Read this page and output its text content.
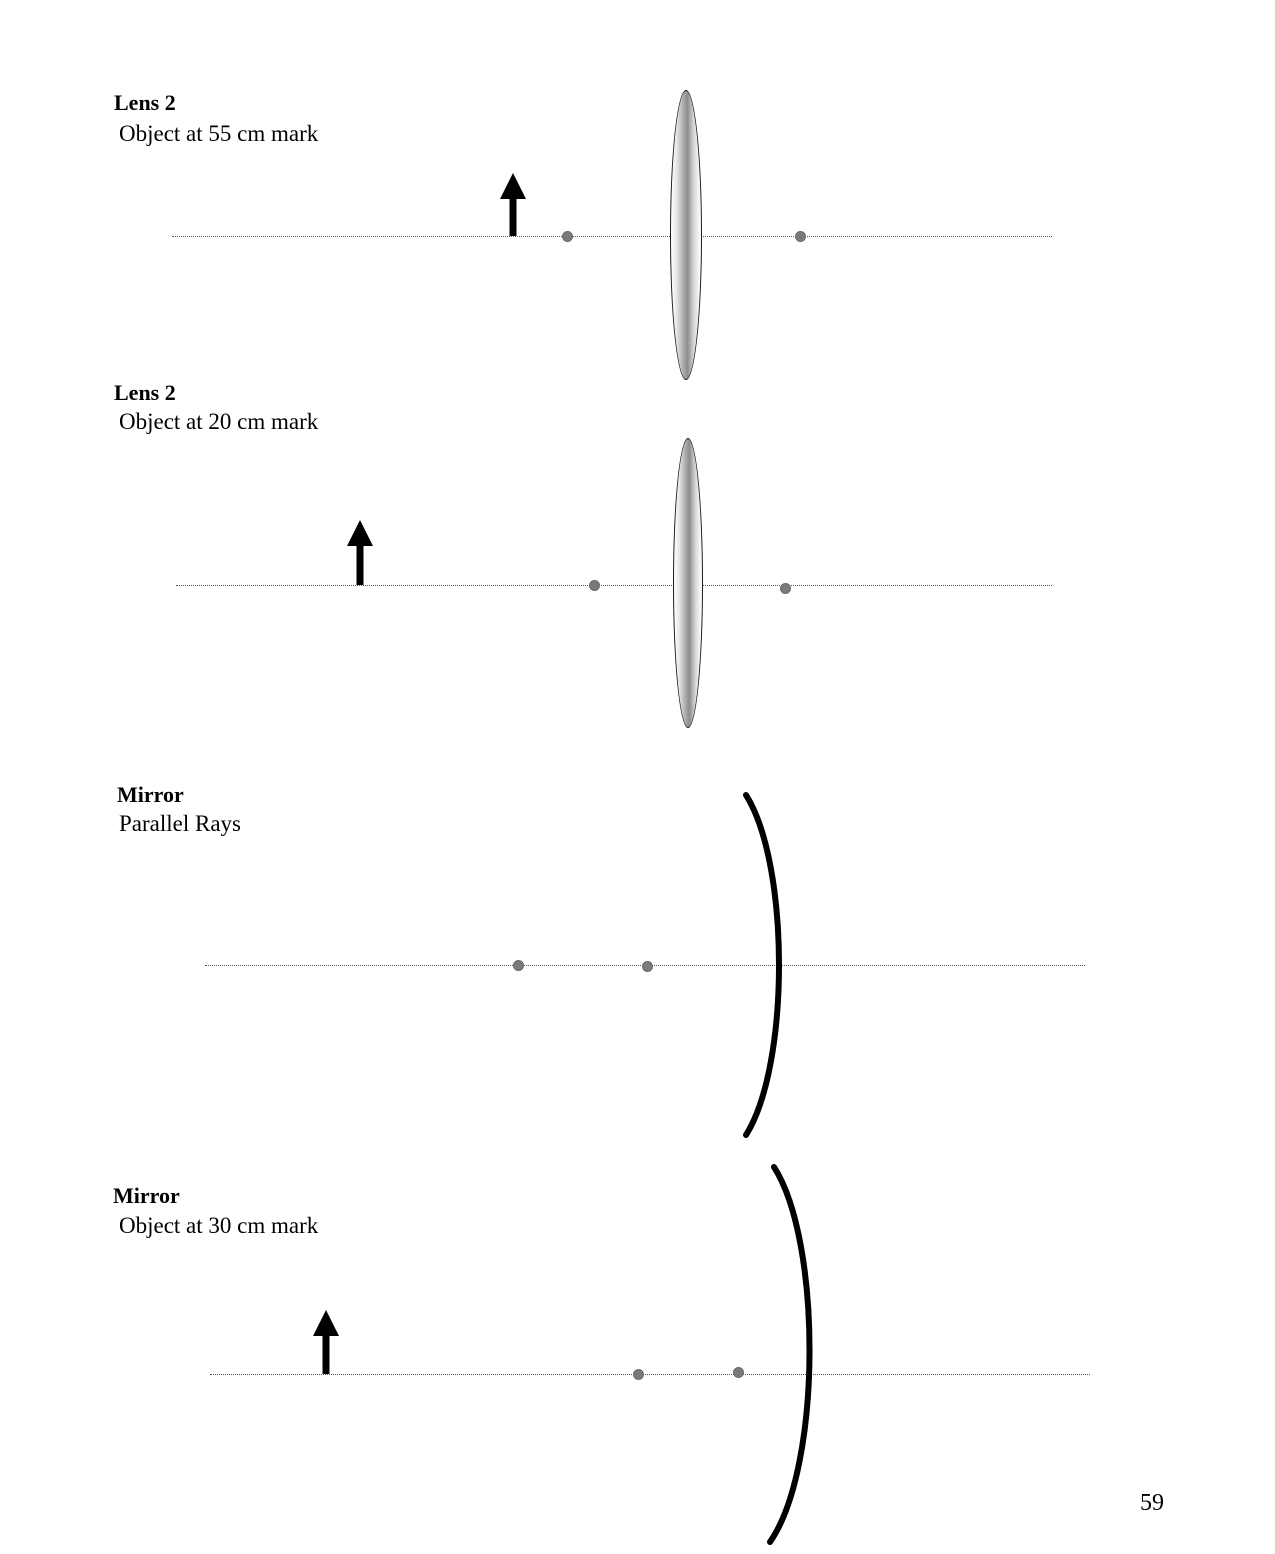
Lens 2
Object at 55 cm mark
Lens 2
Object at 20 cm mark
Mirror
Parallel Rays
Mirror
Object at 30 cm mark
59
